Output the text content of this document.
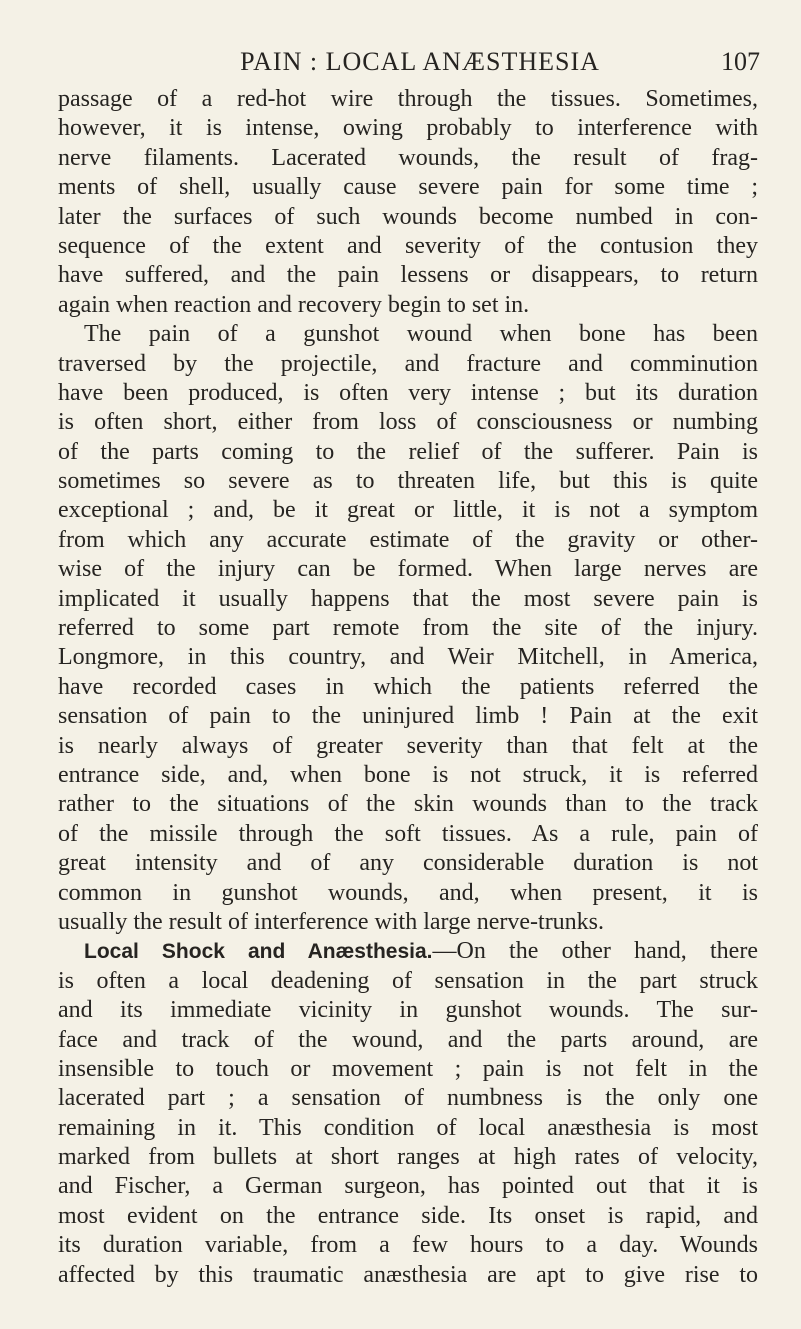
PAIN : LOCAL ANÆSTHESIA	107
passage of a red-hot wire through the tissues. Sometimes,
however, it is intense, owing probably to interference with
nerve filaments. Lacerated wounds, the result of frag-
ments of shell, usually cause severe pain for some time ;
later the surfaces of such wounds become numbed in con-
sequence of the extent and severity of the contusion they
have suffered, and the pain lessens or disappears, to return
again when reaction and recovery begin to set in.
The pain of a gunshot wound when bone has been
traversed by the projectile, and fracture and comminution
have been produced, is often very intense ; but its duration
is often short, either from loss of consciousness or numbing
of the parts coming to the relief of the sufferer. Pain is
sometimes so severe as to threaten life, but this is quite
exceptional ; and, be it great or little, it is not a symptom
from which any accurate estimate of the gravity or other-
wise of the injury can be formed. When large nerves are
implicated it usually happens that the most severe pain is
referred to some part remote from the site of the injury.
Longmore, in this country, and Weir Mitchell, in America,
have recorded cases in which the patients referred the
sensation of pain to the uninjured limb ! Pain at the exit
is nearly always of greater severity than that felt at the
entrance side, and, when bone is not struck, it is referred
rather to the situations of the skin wounds than to the track
of the missile through the soft tissues. As a rule, pain of
great intensity and of any considerable duration is not
common in gunshot wounds, and, when present, it is
usually the result of interference with large nerve-trunks.
Local Shock and Anæsthesia.—On the other hand, there
is often a local deadening of sensation in the part struck
and its immediate vicinity in gunshot wounds. The sur-
face and track of the wound, and the parts around, are
insensible to touch or movement ; pain is not felt in the
lacerated part ; a sensation of numbness is the only one
remaining in it. This condition of local anæsthesia is most
marked from bullets at short ranges at high rates of velocity,
and Fischer, a German surgeon, has pointed out that it is
most evident on the entrance side. Its onset is rapid, and
its duration variable, from a few hours to a day. Wounds
affected by this traumatic anæsthesia are apt to give rise to
